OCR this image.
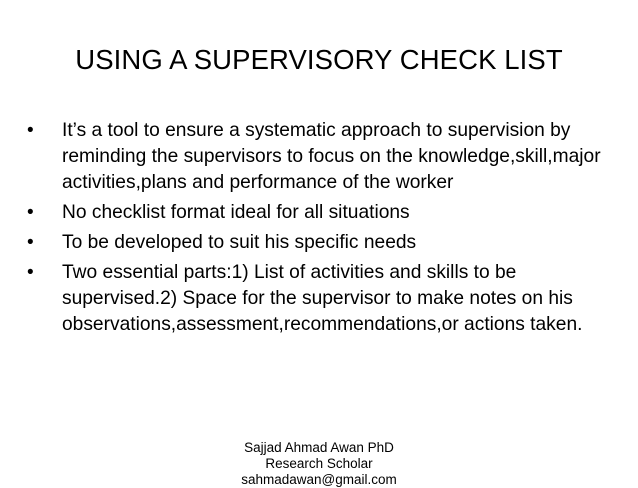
USING A SUPERVISORY CHECK LIST
• It’s a tool to ensure a systematic approach to supervision by reminding the supervisors to focus on the knowledge,skill,major activities,plans and performance of the worker
• No checklist format ideal for all situations
• To be developed to suit his specific needs
• Two essential parts:1) List of activities and skills to be supervised.2) Space for the supervisor to make notes on his observations,assessment,recommendations,or actions taken.
Sajjad Ahmad Awan PhD
Research Scholar
sahmadawan@gmail.com
